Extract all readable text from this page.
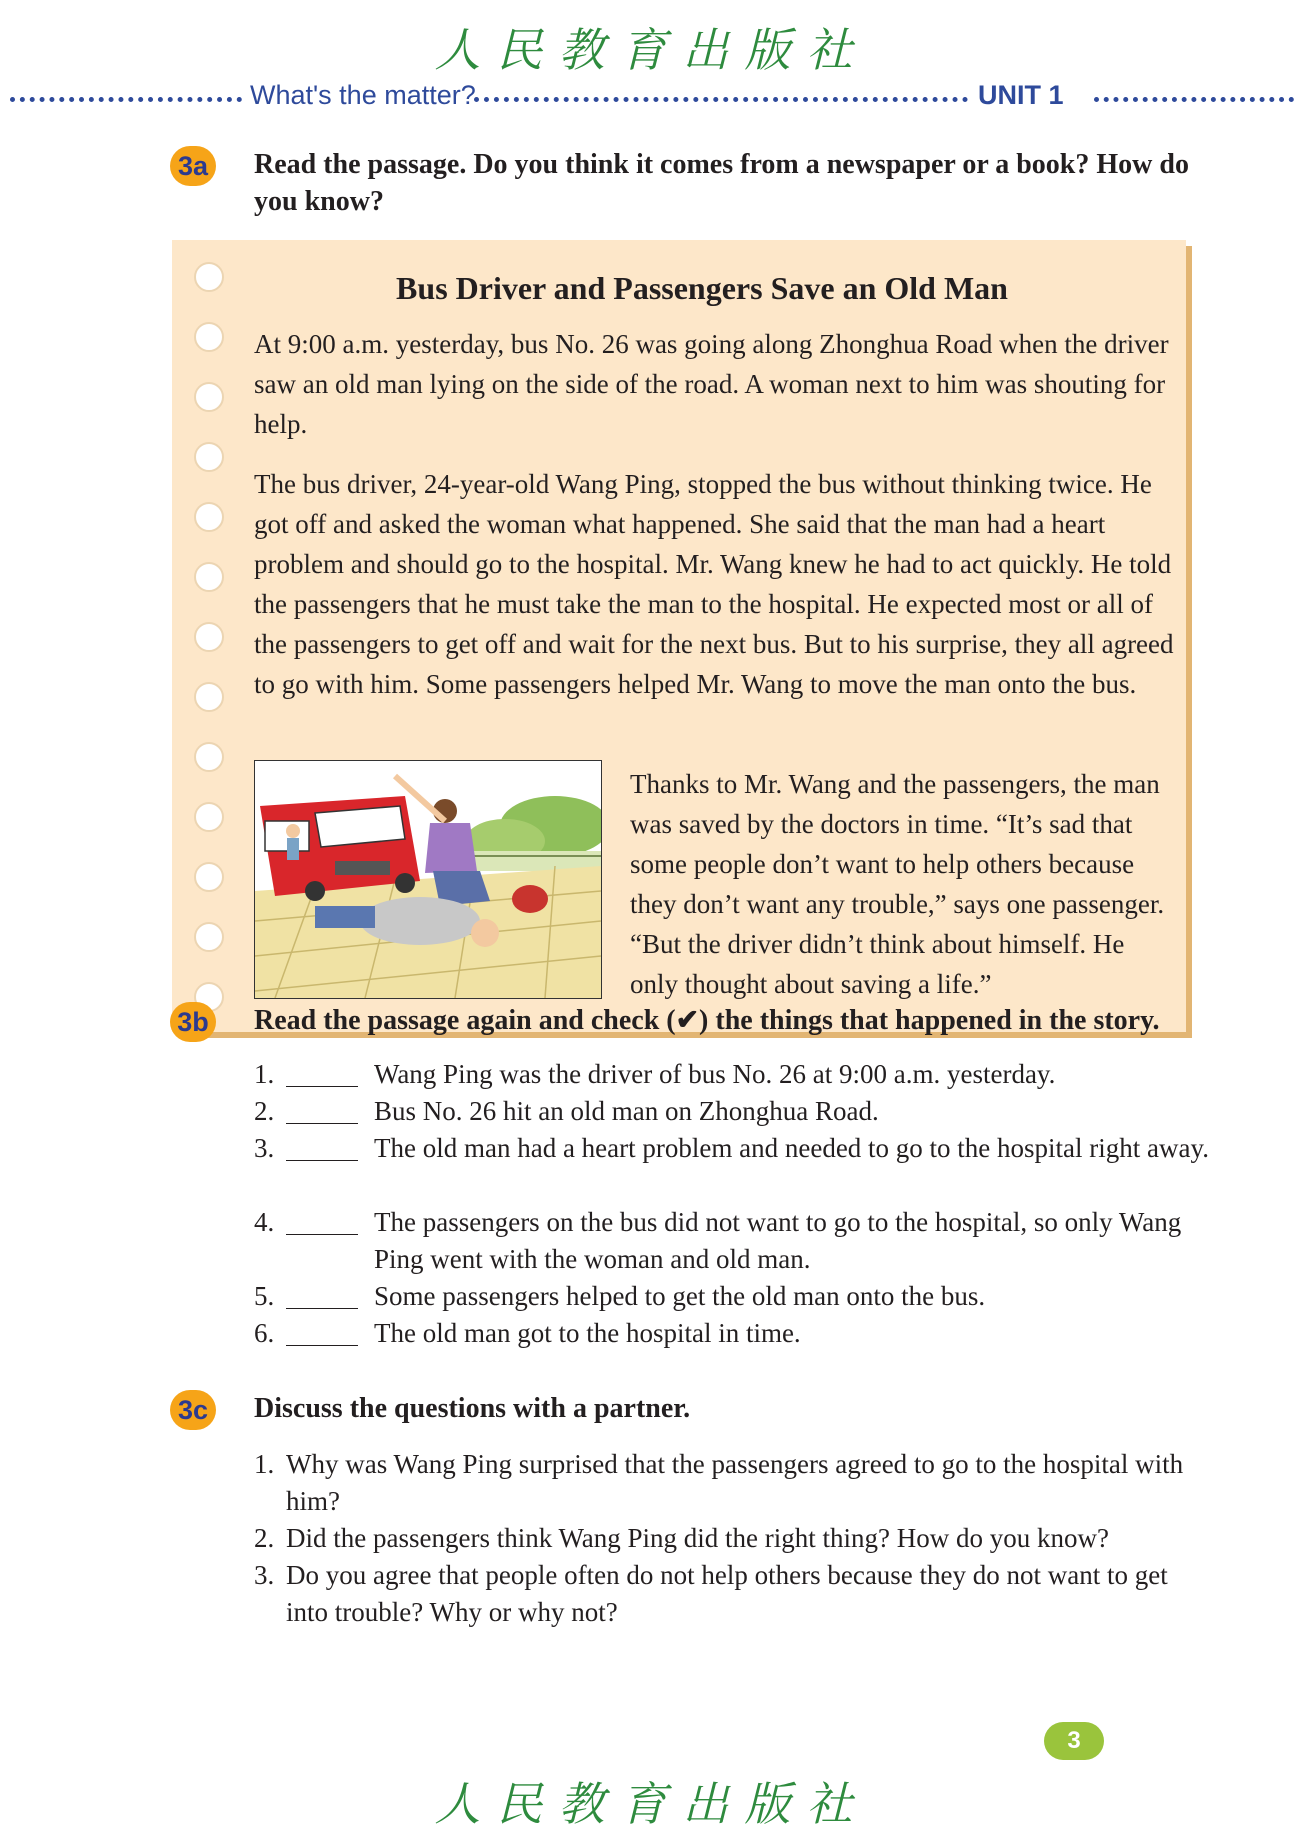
人民教育出版社
What's the matter?	UNIT 1
3a Read the passage. Do you think it comes from a newspaper or a book? How do you know?
Bus Driver and Passengers Save an Old Man
At 9:00 a.m. yesterday, bus No. 26 was going along Zhonghua Road when the driver saw an old man lying on the side of the road. A woman next to him was shouting for help.
The bus driver, 24-year-old Wang Ping, stopped the bus without thinking twice. He got off and asked the woman what happened. She said that the man had a heart problem and should go to the hospital. Mr. Wang knew he had to act quickly. He told the passengers that he must take the man to the hospital. He expected most or all of the passengers to get off and wait for the next bus. But to his surprise, they all agreed to go with him. Some passengers helped Mr. Wang to move the man onto the bus.
Thanks to Mr. Wang and the passengers, the man was saved by the doctors in time. “It’s sad that some people don’t want to help others because they don’t want any trouble,” says one passenger. “But the driver didn’t think about himself. He only thought about saving a life.”
3b Read the passage again and check (✔) the things that happened in the story.
1.	Wang Ping was the driver of bus No. 26 at 9:00 a.m. yesterday.
2.	Bus No. 26 hit an old man on Zhonghua Road.
3.	The old man had a heart problem and needed to go to the hospital right away.
4.	The passengers on the bus did not want to go to the hospital, so only Wang Ping went with the woman and old man.
5.	Some passengers helped to get the old man onto the bus.
6.	The old man got to the hospital in time.
3c Discuss the questions with a partner.
1. Why was Wang Ping surprised that the passengers agreed to go to the hospital with him?
2. Did the passengers think Wang Ping did the right thing? How do you know?
3. Do you agree that people often do not help others because they do not want to get into trouble? Why or why not?
3
人民教育出版社
